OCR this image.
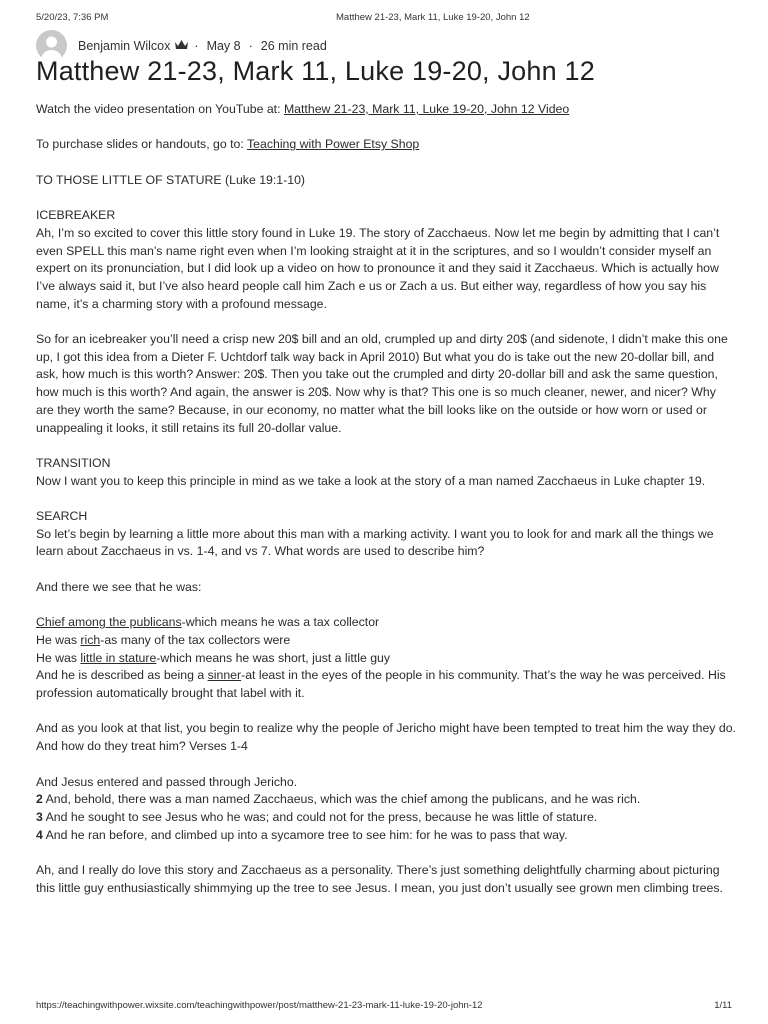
5/20/23, 7:36 PM	Matthew 21-23, Mark 11, Luke 19-20, John 12
Benjamin Wilcox · May 8 · 26 min read
Matthew 21-23, Mark 11, Luke 19-20, John 12

Watch the video presentation on YouTube at: Matthew 21-23, Mark 11, Luke 19-20, John 12 Video

To purchase slides or handouts, go to: Teaching with Power Etsy Shop

TO THOSE LITTLE OF STATURE (Luke 19:1-10)

ICEBREAKER
Ah, I’m so excited to cover this little story found in Luke 19. The story of Zacchaeus. Now let me begin by admitting that I can’t even SPELL this man’s name right even when I’m looking straight at it in the scriptures, and so I wouldn’t consider myself an expert on its pronunciation, but I did look up a video on how to pronounce it and they said it Zacchaeus. Which is actually how I’ve always said it, but I’ve also heard people call him Zach e us or Zach a us. But either way, regardless of how you say his name, it’s a charming story with a profound message.

So for an icebreaker you’ll need a crisp new 20$ bill and an old, crumpled up and dirty 20$ (and sidenote, I didn’t make this one up, I got this idea from a Dieter F. Uchtdorf talk way back in April 2010) But what you do is take out the new 20-dollar bill, and ask, how much is this worth? Answer: 20$. Then you take out the crumpled and dirty 20-dollar bill and ask the same question, how much is this worth? And again, the answer is 20$. Now why is that? This one is so much cleaner, newer, and nicer? Why are they worth the same? Because, in our economy, no matter what the bill looks like on the outside or how worn or used or unappealing it looks, it still retains its full 20-dollar value.

TRANSITION
Now I want you to keep this principle in mind as we take a look at the story of a man named Zacchaeus in Luke chapter 19.

SEARCH
So let’s begin by learning a little more about this man with a marking activity. I want you to look for and mark all the things we learn about Zacchaeus in vs. 1-4, and vs 7. What words are used to describe him?

And there we see that he was:

Chief among the publicans-which means he was a tax collector
He was rich-as many of the tax collectors were
He was little in stature-which means he was short, just a little guy
And he is described as being a sinner-at least in the eyes of the people in his community. That’s the way he was perceived. His profession automatically brought that label with it.

And as you look at that list, you begin to realize why the people of Jericho might have been tempted to treat him the way they do. And how do they treat him? Verses 1-4

And Jesus entered and passed through Jericho.
2 And, behold, there was a man named Zacchaeus, which was the chief among the publicans, and he was rich.
3 And he sought to see Jesus who he was; and could not for the press, because he was little of stature.
4 And he ran before, and climbed up into a sycamore tree to see him: for he was to pass that way.

Ah, and I really do love this story and Zacchaeus as a personality. There’s just something delightfully charming about picturing this little guy enthusiastically shimmying up the tree to see Jesus. I mean, you just don’t usually see grown men climbing trees.

https://teachingwithpower.wixsite.com/teachingwithpower/post/matthew-21-23-mark-11-luke-19-20-john-12	1/11
